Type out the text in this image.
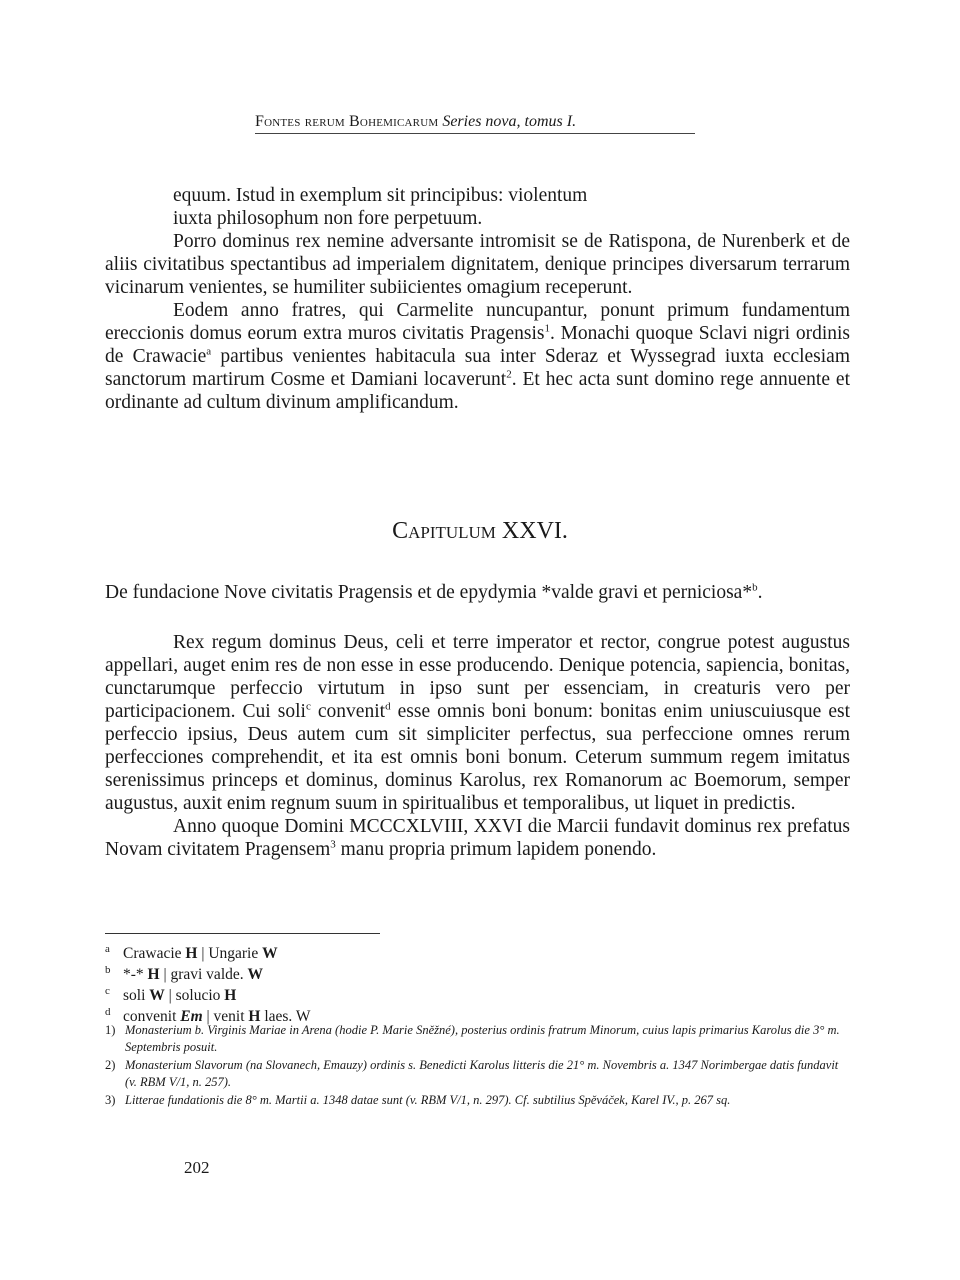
Fontes rerum Bohemicarum Series nova, tomus I.

equum. Istud in exemplum sit principibus: violentum

iuxta philosophum non fore perpetuum.

Porro dominus rex nemine adversante intromisit se de Ratispona, de Nurenberk et de aliis civitatibus spectantibus ad imperialem dignitatem, denique principes diversarum terrarum vicinarum venientes, se humiliter subiicientes omagium receperunt.

Eodem anno fratres, qui Carmelite nuncupantur, ponunt primum fundamentum ereccionis domus eorum extra muros civitatis Pragensis$^1$. Monachi quoque Sclavi nigri ordinis de Crawacie$^a$ partibus venientes habitacula sua inter Sderaz et Wyssegrad iuxta ecclesiam sanctorum martirum Cosme et Damiani locaverunt$^2$. Et hec acta sunt domino rege annuente et ordinante ad cultum divinum amplificandum.

Capitulum XXVI.
De fundacione Nove civitatis Pragensis et de epydymia *valde gravi et perniciosa*$^b$.

Rex regum dominus Deus, celi et terre imperator et rector, congrue potest augustus appellari, auget enim res de non esse in esse producendo. Denique potencia, sapiencia, bonitas, cunctarumque perfeccio virtutum in ipso sunt per essenciam, in creaturis vero per participacionem. Cui soli$^c$ convenit$^d$ esse omnis boni bonum: bonitas enim uniuscuiusque est perfeccio ipsius, Deus autem cum sit simpliciter perfectus, sua perfeccione omnes rerum perfecciones comprehendit, et ita est omnis boni bonum. Ceterum summum regem imitatus serenissimus princeps et dominus, dominus Karolus, rex Romanorum ac Boemorum, semper augustus, auxit enim regnum suum in spiritualibus et temporalibus, ut liquet in predictis.

Anno quoque Domini MCCCXLVIII, XXVI die Marcii fundavit dominus rex prefatus Novam civitatem Pragensem$^3$ manu propria primum lapidem ponendo.

a Crawacie H | Ungarie W
b *-* H | gravi valde. W
c soli W | solucio H
d convenit Em | venit H laes. W
1) Monasterium b. Virginis Mariae in Arena (hodie P. Marie Sněžné), posterius ordinis fratrum Minorum, cuius lapis primarius Karolus die 3° m. Septembris posuit.
2) Monasterium Slavorum (na Slovanech, Emauzy) ordinis s. Benedicti Karolus litteris die 21° m. Novembris a. 1347 Norimbergae datis fundavit (v. RBM V/1, n. 257).
3) Litterae fundationis die 8° m. Martii a. 1348 datae sunt (v. RBM V/1, n. 297). Cf. subtilius Spěváček, Karel IV., p. 267 sq.
202
